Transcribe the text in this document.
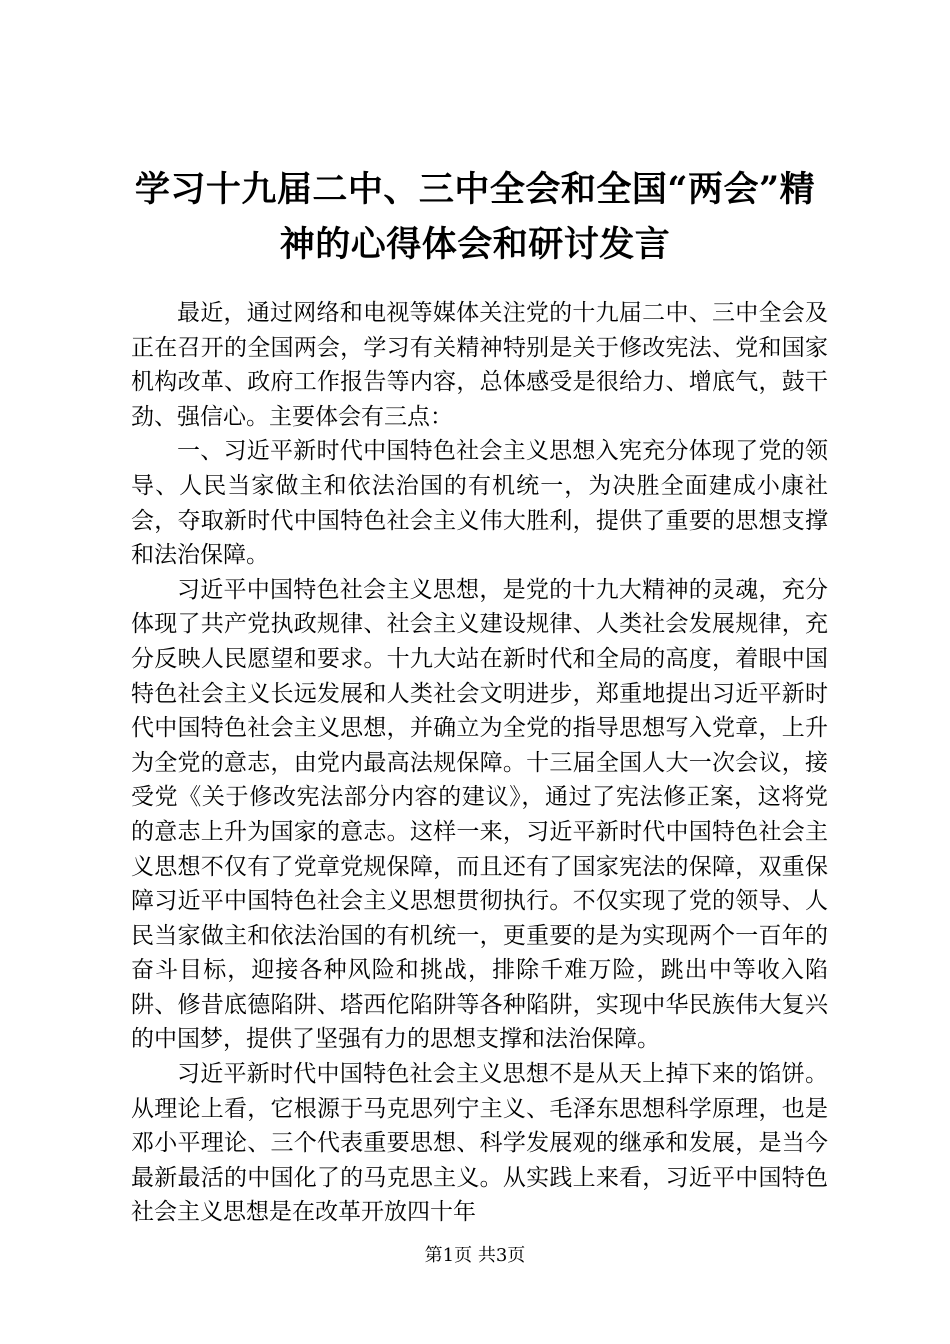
学习十九届二中、三中全会和全国“两会”精
神的心得体会和研讨发言

最近，通过网络和电视等媒体关注党的十九届二中、三中全会及正在召开的全国两会，学习有关精神特别是关于修改宪法、党和国家机构改革、政府工作报告等内容，总体感受是很给力、增底气，鼓干劲、强信心。主要体会有三点：

一、习近平新时代中国特色社会主义思想入宪充分体现了党的领导、人民当家做主和依法治国的有机统一，为决胜全面建成小康社会，夺取新时代中国特色社会主义伟大胜利，提供了重要的思想支撑和法治保障。

习近平中国特色社会主义思想，是党的十九大精神的灵魂，充分体现了共产党执政规律、社会主义建设规律、人类社会发展规律，充分反映人民愿望和要求。十九大站在新时代和全局的高度，着眼中国特色社会主义长远发展和人类社会文明进步，郑重地提出习近平新时代中国特色社会主义思想，并确立为全党的指导思想写入党章，上升为全党的意志，由党内最高法规保障。十三届全国人大一次会议，接受党《关于修改宪法部分内容的建议》，通过了宪法修正案，这将党的意志上升为国家的意志。这样一来，习近平新时代中国特色社会主义思想不仅有了党章党规保障，而且还有了国家宪法的保障，双重保障习近平中国特色社会主义思想贯彻执行。不仅实现了党的领导、人民当家做主和依法治国的有机统一，更重要的是为实现两个一百年的奋斗目标，迎接各种风险和挑战，排除千难万险，跳出中等收入陷阱、修昔底德陷阱、塔西佗陷阱等各种陷阱，实现中华民族伟大复兴的中国梦，提供了坚强有力的思想支撑和法治保障。

习近平新时代中国特色社会主义思想不是从天上掉下来的馅饼。从理论上看，它根源于马克思列宁主义、毛泽东思想科学原理，也是邓小平理论、三个代表重要思想、科学发展观的继承和发展，是当今最新最活的中国化了的马克思主义。从实践上来看，习近平中国特色社会主义思想是在改革开放四十年

第1页 共3页
